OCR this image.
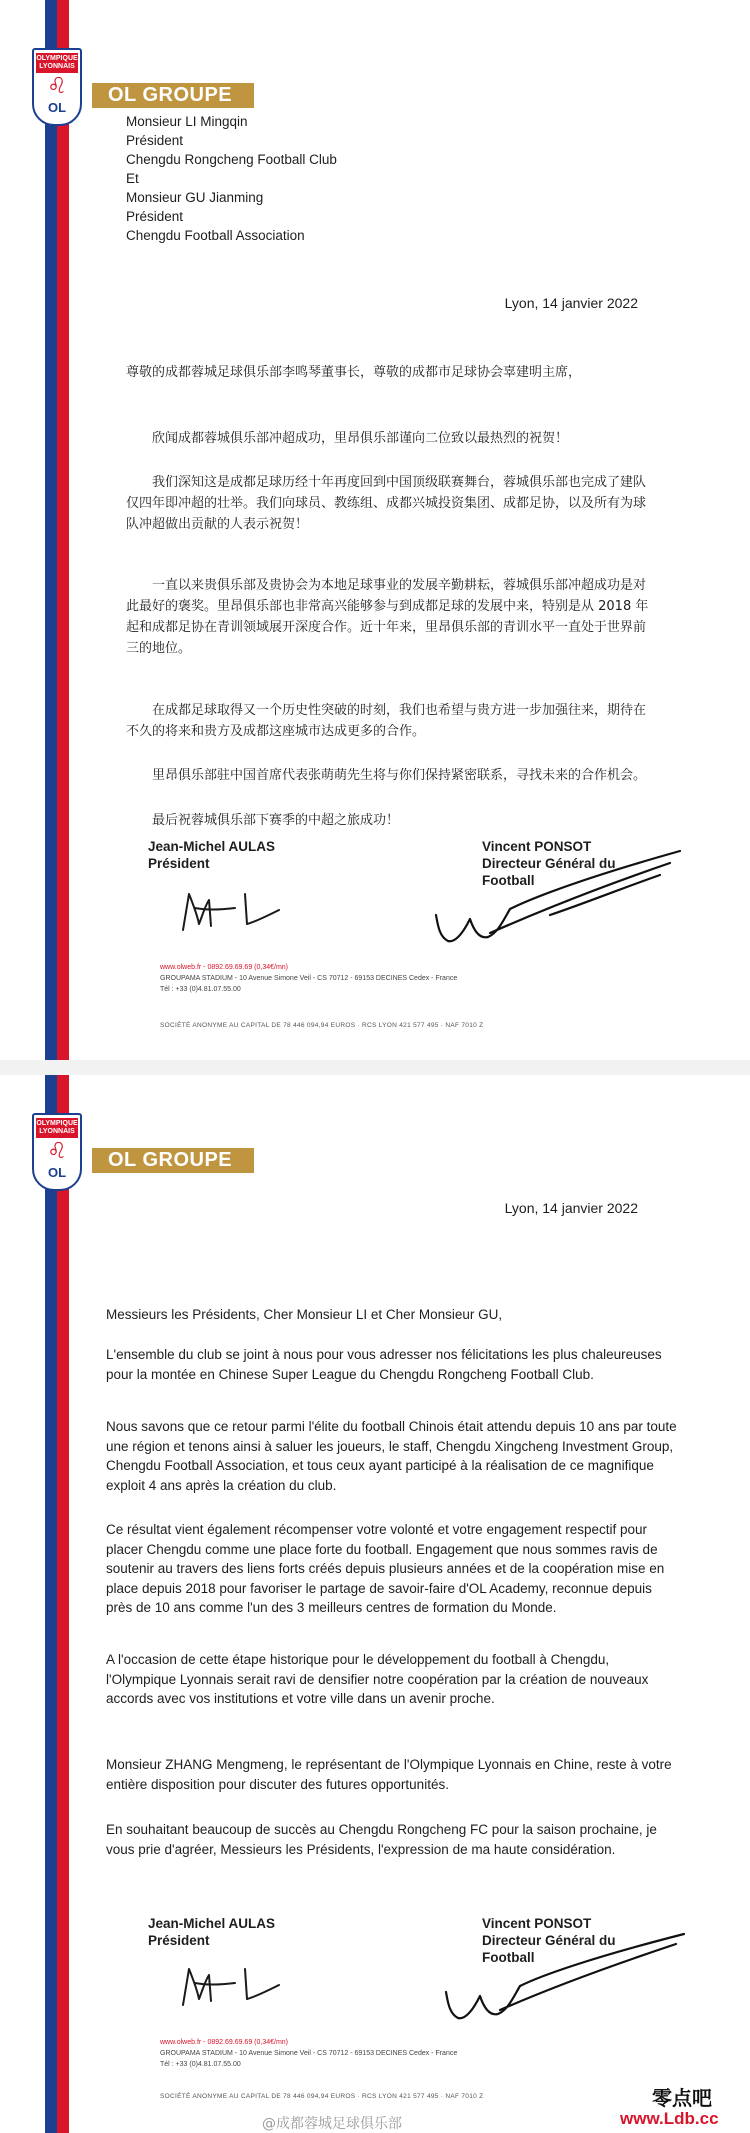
OLYMPIQUE LYONNAIS
♌
OL
OL GROUPE
Monsieur LI Mingqin
Président
Chengdu Rongcheng Football Club
Et
Monsieur GU Jianming
Président
Chengdu Football Association
Lyon, 14 janvier 2022

尊敬的成都蓉城足球俱乐部李鸣琴董事长，尊敬的成都市足球协会辜建明主席，

欣闻成都蓉城俱乐部冲超成功，里昂俱乐部谨向二位致以最热烈的祝贺！

我们深知这是成都足球历经十年再度回到中国顶级联赛舞台，蓉城俱乐部也完成了建队仅四年即冲超的壮举。我们向球员、教练组、成都兴城投资集团、成都足协，以及所有为球队冲超做出贡献的人表示祝贺！

一直以来贵俱乐部及贵协会为本地足球事业的发展辛勤耕耘，蓉城俱乐部冲超成功是对此最好的褒奖。里昂俱乐部也非常高兴能够参与到成都足球的发展中来，特别是从 2018 年起和成都足协在青训领域展开深度合作。近十年来，里昂俱乐部的青训水平一直处于世界前三的地位。

在成都足球取得又一个历史性突破的时刻，我们也希望与贵方进一步加强往来，期待在不久的将来和贵方及成都这座城市达成更多的合作。

里昂俱乐部驻中国首席代表张萌萌先生将与你们保持紧密联系，寻找未来的合作机会。

最后祝蓉城俱乐部下赛季的中超之旅成功！

Jean-Michel AULAS
Président
Vincent PONSOT
Directeur Général du
Football
www.olweb.fr - 0892.69.69.69 (0,34€/mn)
GROUPAMA STADIUM - 10 Avenue Simone Veil - CS 70712 - 69153 DECINES Cedex - France
Tél : +33 (0)4.81.07.55.00
SOCIÉTÉ ANONYME AU CAPITAL DE 78 446 094,94 EUROS · RCS LYON 421 577 495 · NAF 7010 Z
OLYMPIQUE LYONNAIS
♌
OL
OL GROUPE
Lyon, 14 janvier 2022

Messieurs les Présidents, Cher Monsieur LI et Cher Monsieur GU,

L'ensemble du club se joint à nous pour vous adresser nos félicitations les plus chaleureuses pour la montée en Chinese Super League du Chengdu Rongcheng Football Club.

Nous savons que ce retour parmi l'élite du football Chinois était attendu depuis 10 ans par toute une région et tenons ainsi à saluer les joueurs, le staff, Chengdu Xingcheng Investment Group, Chengdu Football Association, et tous ceux ayant participé à la réalisation de ce magnifique exploit 4 ans après la création du club.

Ce résultat vient également récompenser votre volonté et votre engagement respectif pour placer Chengdu comme une place forte du football. Engagement que nous sommes ravis de soutenir au travers des liens forts créés depuis plusieurs années et de la coopération mise en place depuis 2018 pour favoriser le partage de savoir-faire d'OL Academy, reconnue depuis près de 10 ans comme l'un des 3 meilleurs centres de formation du Monde.

A l'occasion de cette étape historique pour le développement du football à Chengdu, l'Olympique Lyonnais serait ravi de densifier notre coopération par la création de nouveaux accords avec vos institutions et votre ville dans un avenir proche.

Monsieur ZHANG Mengmeng, le représentant de l'Olympique Lyonnais en Chine, reste à votre entière disposition pour discuter des futures opportunités.

En souhaitant beaucoup de succès au Chengdu Rongcheng FC pour la saison prochaine, je vous prie d'agréer, Messieurs les Présidents, l'expression de ma haute considération.

Jean-Michel AULAS
Président
Vincent PONSOT
Directeur Général du
Football
www.olweb.fr - 0892.69.69.69 (0,34€/mn)
GROUPAMA STADIUM - 10 Avenue Simone Veil - CS 70712 - 69153 DECINES Cedex - France
Tél : +33 (0)4.81.07.55.00
SOCIÉTÉ ANONYME AU CAPITAL DE 78 446 094,94 EUROS · RCS LYON 421 577 495 · NAF 7010 Z
@成都蓉城足球俱乐部
零点吧
www.Ldb.cc
